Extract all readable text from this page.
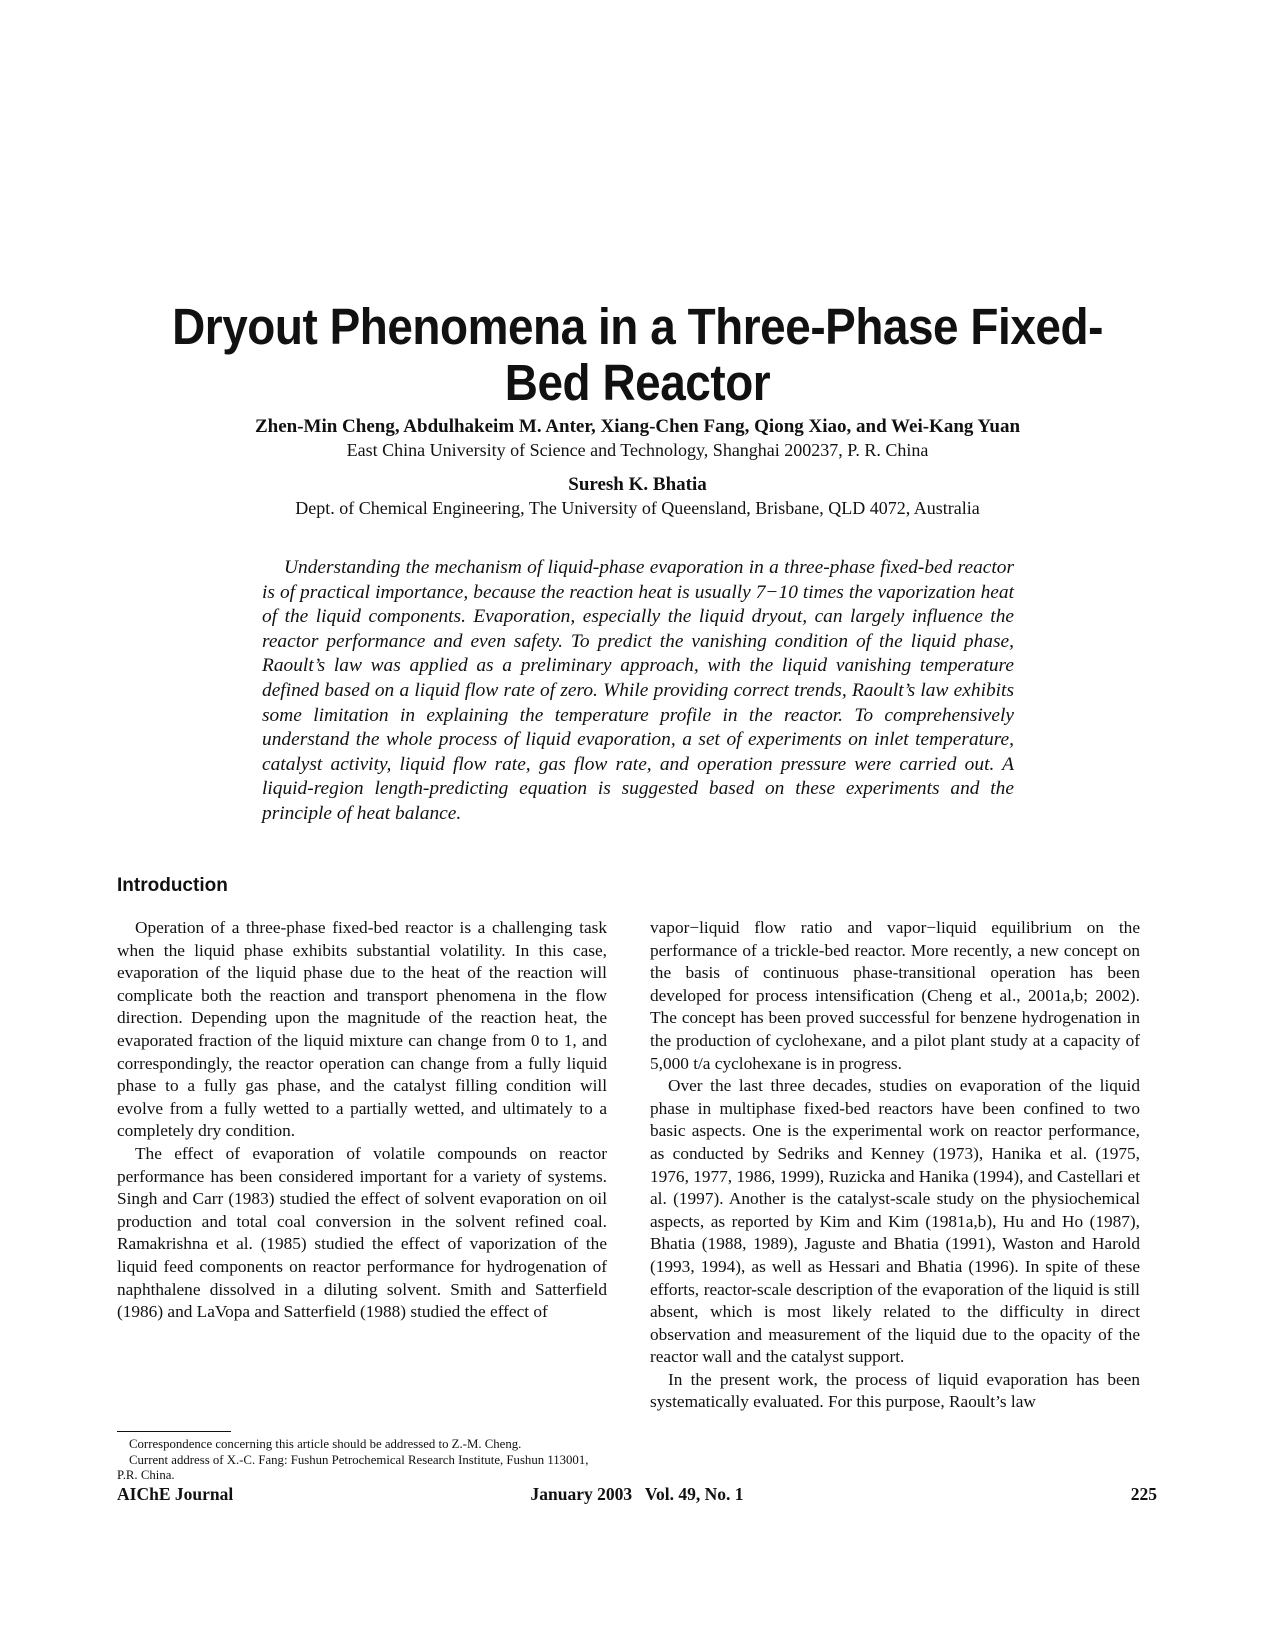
Dryout Phenomena in a Three-Phase Fixed-Bed Reactor
Zhen-Min Cheng, Abdulhakeim M. Anter, Xiang-Chen Fang, Qiong Xiao, and Wei-Kang Yuan
East China University of Science and Technology, Shanghai 200237, P. R. China
Suresh K. Bhatia
Dept. of Chemical Engineering, The University of Queensland, Brisbane, QLD 4072, Australia

Understanding the mechanism of liquid-phase evaporation in a three-phase fixed-bed reactor is of practical importance, because the reaction heat is usually 7−10 times the vaporization heat of the liquid components. Evaporation, especially the liquid dryout, can largely influence the reactor performance and even safety. To predict the vanishing condition of the liquid phase, Raoult’s law was applied as a preliminary approach, with the liquid vanishing temperature defined based on a liquid flow rate of zero. While providing correct trends, Raoult’s law exhibits some limitation in explaining the temperature profile in the reactor. To comprehensively understand the whole process of liquid evaporation, a set of experiments on inlet temperature, catalyst activity, liquid flow rate, gas flow rate, and operation pressure were carried out. A liquid-region length-predicting equation is suggested based on these experiments and the principle of heat balance.

Introduction

Operation of a three-phase fixed-bed reactor is a challenging task when the liquid phase exhibits substantial volatility. In this case, evaporation of the liquid phase due to the heat of the reaction will complicate both the reaction and transport phenomena in the flow direction. Depending upon the magnitude of the reaction heat, the evaporated fraction of the liquid mixture can change from 0 to 1, and correspondingly, the reactor operation can change from a fully liquid phase to a fully gas phase, and the catalyst filling condition will evolve from a fully wetted to a partially wetted, and ultimately to a completely dry condition.

The effect of evaporation of volatile compounds on reactor performance has been considered important for a variety of systems. Singh and Carr (1983) studied the effect of solvent evaporation on oil production and total coal conversion in the solvent refined coal. Ramakrishna et al. (1985) studied the effect of vaporization of the liquid feed components on reactor performance for hydrogenation of naphthalene dissolved in a diluting solvent. Smith and Satterfield (1986) and LaVopa and Satterfield (1988) studied the effect of

vapor−liquid flow ratio and vapor−liquid equilibrium on the performance of a trickle-bed reactor. More recently, a new concept on the basis of continuous phase-transitional operation has been developed for process intensification (Cheng et al., 2001a,b; 2002). The concept has been proved successful for benzene hydrogenation in the production of cyclohexane, and a pilot plant study at a capacity of 5,000 t/a cyclohexane is in progress.

Over the last three decades, studies on evaporation of the liquid phase in multiphase fixed-bed reactors have been confined to two basic aspects. One is the experimental work on reactor performance, as conducted by Sedriks and Kenney (1973), Hanika et al. (1975, 1976, 1977, 1986, 1999), Ruzicka and Hanika (1994), and Castellari et al. (1997). Another is the catalyst-scale study on the physiochemical aspects, as reported by Kim and Kim (1981a,b), Hu and Ho (1987), Bhatia (1988, 1989), Jaguste and Bhatia (1991), Waston and Harold (1993, 1994), as well as Hessari and Bhatia (1996). In spite of these efforts, reactor-scale description of the evaporation of the liquid is still absent, which is most likely related to the difficulty in direct observation and measurement of the liquid due to the opacity of the reactor wall and the catalyst support.

In the present work, the process of liquid evaporation has been systematically evaluated. For this purpose, Raoult’s law

Correspondence concerning this article should be addressed to Z.-M. Cheng.

Current address of X.-C. Fang: Fushun Petrochemical Research Institute, Fushun 113001, P.R. China.

January 2003   Vol. 49, No. 1
AIChE Journal	225
